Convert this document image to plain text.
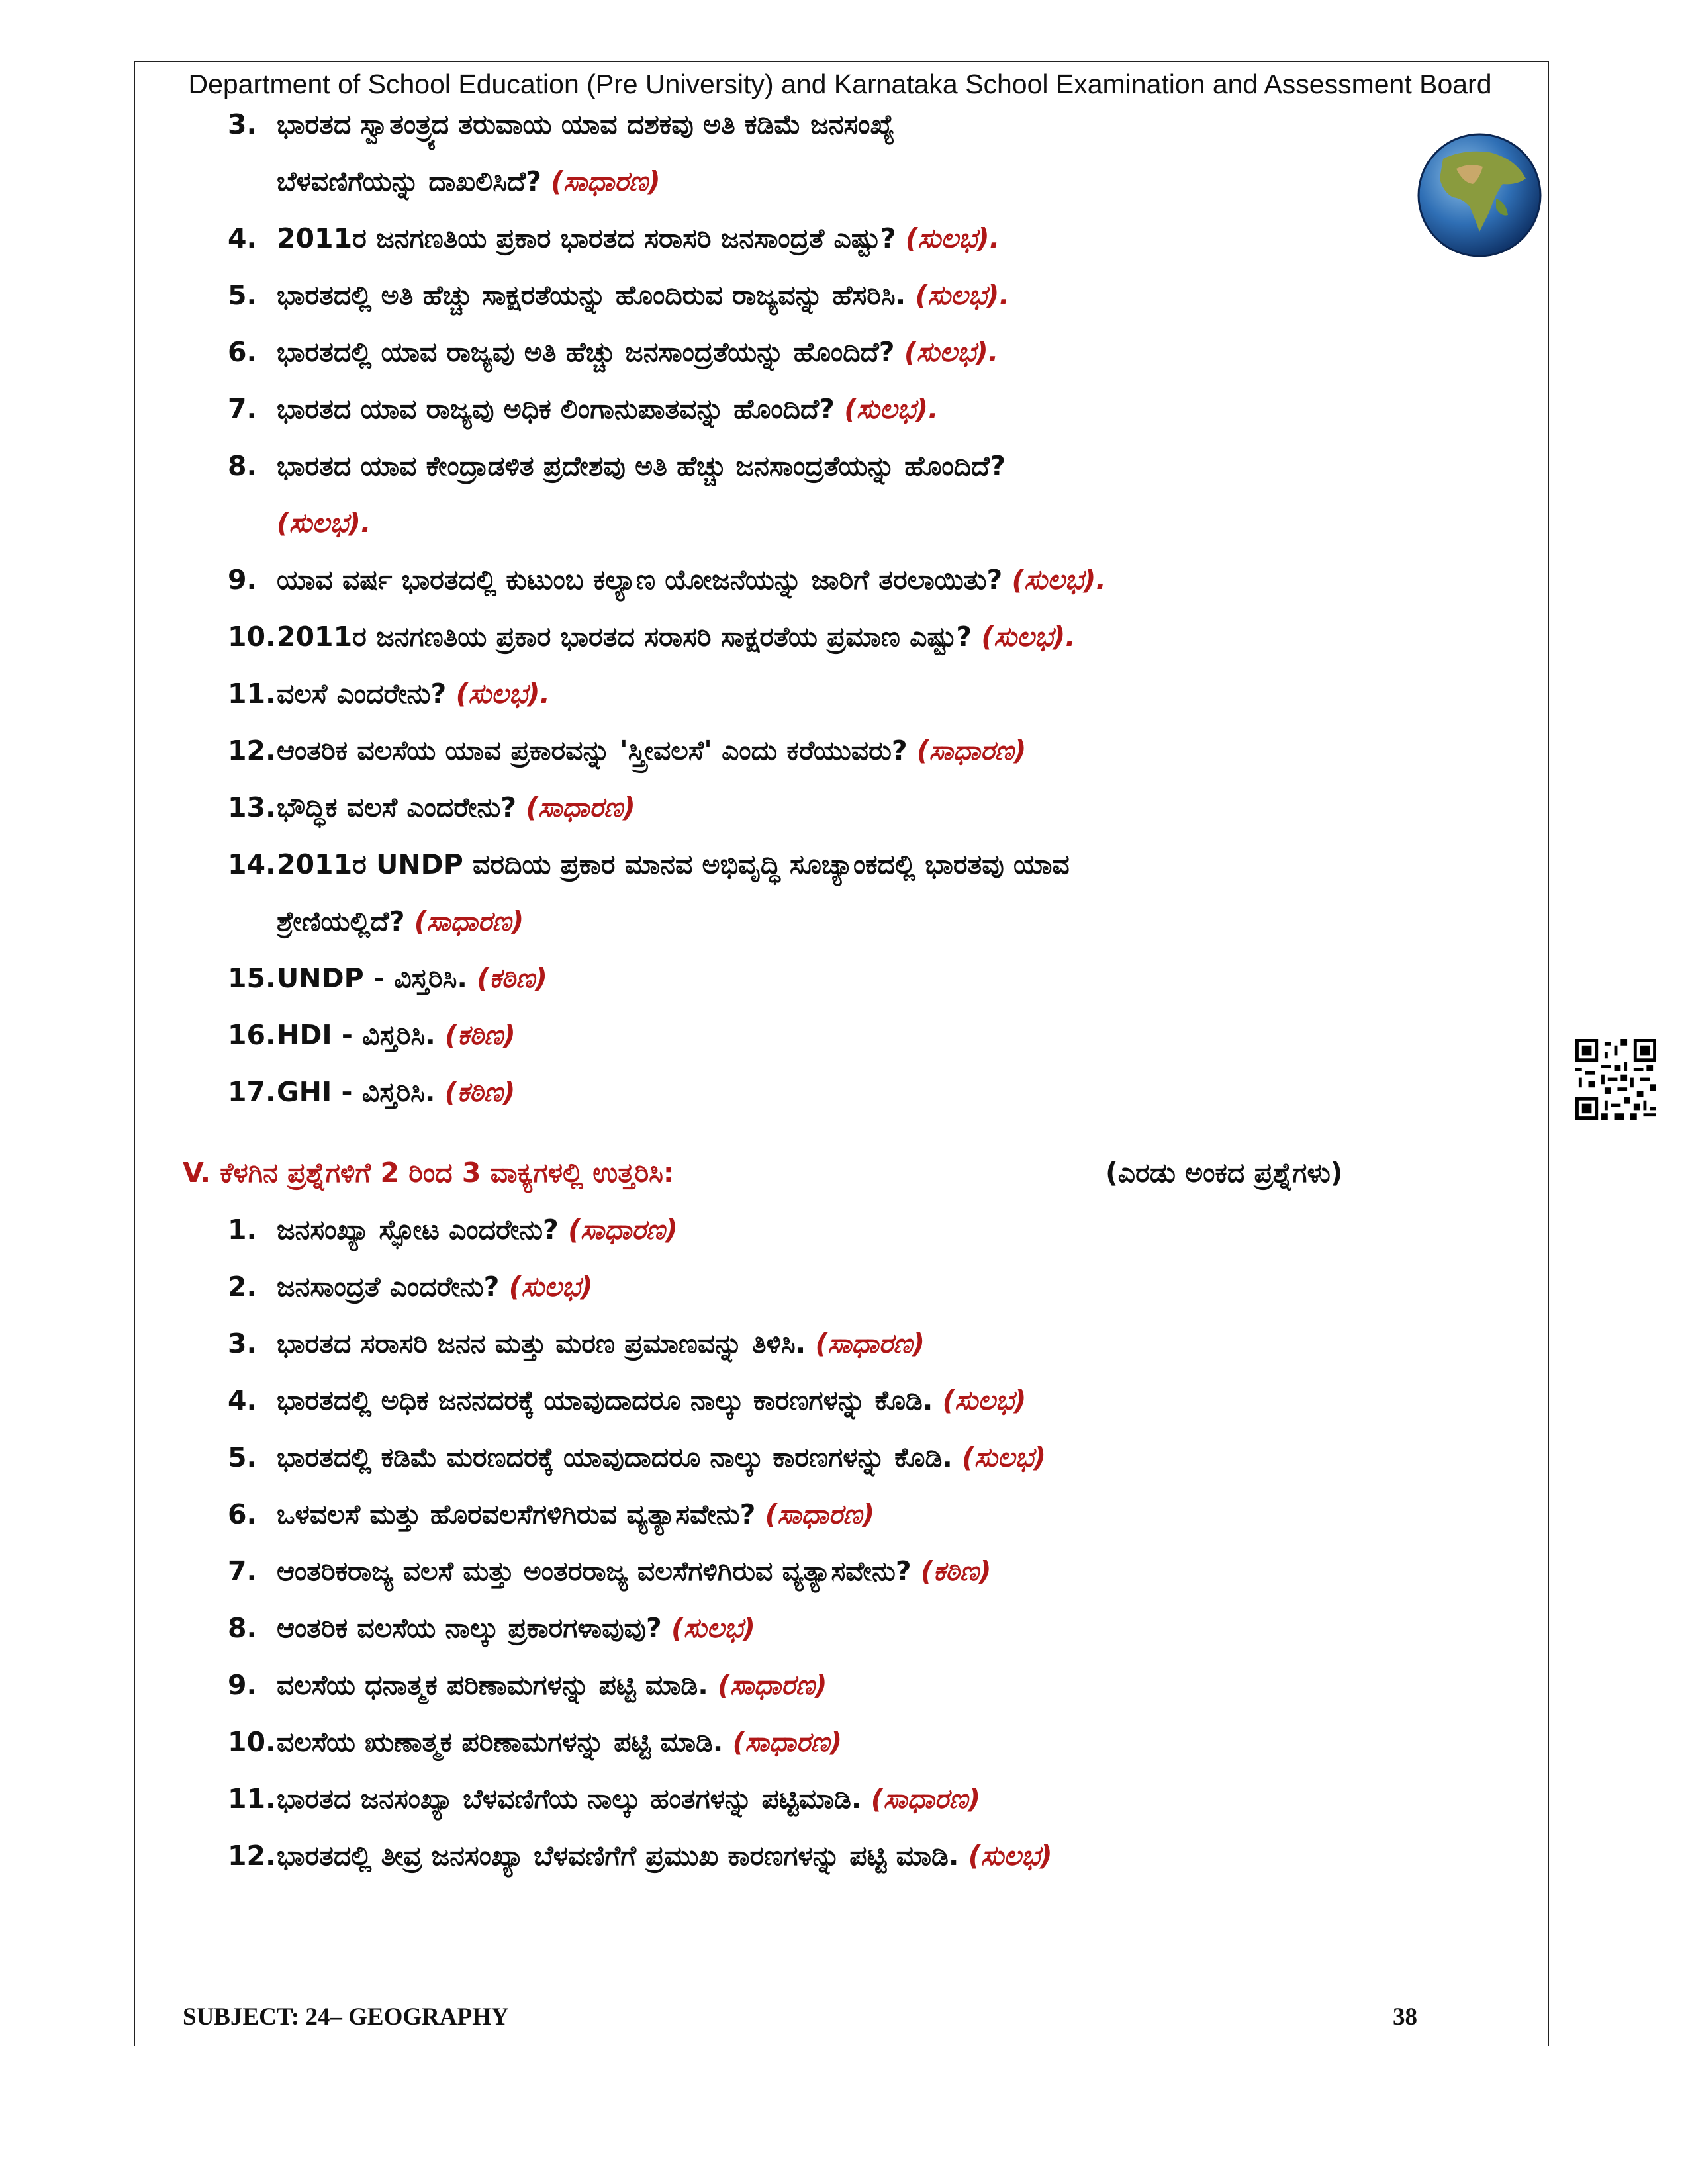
Department of School Education (Pre University) and Karnataka School Examination and Assessment Board
3. ಭಾರತದ ಸ್ವಾತಂತ್ರ್ಯದ ತರುವಾಯ ಯಾವ ದಶಕವು ಅತಿ ಕಡಿಮೆ ಜನಸಂಖ್ಯೆ
ಬೆಳವಣಿಗೆಯನ್ನು ದಾಖಲಿಸಿದೆ? (ಸಾಧಾರಣ)
4. 2011ರ ಜನಗಣತಿಯ ಪ್ರಕಾರ ಭಾರತದ ಸರಾಸರಿ ಜನಸಾಂದ್ರತೆ ಎಷ್ಟು? (ಸುಲಭ).
5. ಭಾರತದಲ್ಲಿ ಅತಿ ಹೆಚ್ಚು ಸಾಕ್ಷರತೆಯನ್ನು ಹೊಂದಿರುವ ರಾಜ್ಯವನ್ನು ಹೆಸರಿಸಿ. (ಸುಲಭ).
6. ಭಾರತದಲ್ಲಿ ಯಾವ ರಾಜ್ಯವು ಅತಿ ಹೆಚ್ಚು ಜನಸಾಂದ್ರತೆಯನ್ನು ಹೊಂದಿದೆ? (ಸುಲಭ).
7. ಭಾರತದ ಯಾವ ರಾಜ್ಯವು ಅಧಿಕ ಲಿಂಗಾನುಪಾತವನ್ನು ಹೊಂದಿದೆ? (ಸುಲಭ).
8. ಭಾರತದ ಯಾವ ಕೇಂದ್ರಾಡಳಿತ ಪ್ರದೇಶವು ಅತಿ ಹೆಚ್ಚು ಜನಸಾಂದ್ರತೆಯನ್ನು ಹೊಂದಿದೆ?
(ಸುಲಭ).
9. ಯಾವ ವರ್ಷ ಭಾರತದಲ್ಲಿ ಕುಟುಂಬ ಕಲ್ಯಾಣ ಯೋಜನೆಯನ್ನು ಜಾರಿಗೆ ತರಲಾಯಿತು? (ಸುಲಭ).
10. 2011ರ ಜನಗಣತಿಯ ಪ್ರಕಾರ ಭಾರತದ ಸರಾಸರಿ ಸಾಕ್ಷರತೆಯ ಪ್ರಮಾಣ ಎಷ್ಟು? (ಸುಲಭ).
11. ವಲಸೆ ಎಂದರೇನು? (ಸುಲಭ).
12. ಆಂತರಿಕ ವಲಸೆಯ ಯಾವ ಪ್ರಕಾರವನ್ನು 'ಸ್ತ್ರೀವಲಸೆ' ಎಂದು ಕರೆಯುವರು? (ಸಾಧಾರಣ)
13. ಭೌದ್ಧಿಕ ವಲಸೆ ಎಂದರೇನು? (ಸಾಧಾರಣ)
14. 2011ರ UNDP ವರದಿಯ ಪ್ರಕಾರ ಮಾನವ ಅಭಿವೃದ್ಧಿ ಸೂಚ್ಯಾಂಕದಲ್ಲಿ ಭಾರತವು ಯಾವ
ಶ್ರೇಣಿಯಲ್ಲಿದೆ? (ಸಾಧಾರಣ)
15. UNDP - ವಿಸ್ತರಿಸಿ. (ಕಠಿಣ)
16. HDI - ವಿಸ್ತರಿಸಿ. (ಕಠಿಣ)
17. GHI - ವಿಸ್ತರಿಸಿ. (ಕಠಿಣ)
V. ಕೆಳಗಿನ ಪ್ರಶ್ನೆಗಳಿಗೆ 2 ರಿಂದ 3 ವಾಕ್ಯಗಳಲ್ಲಿ ಉತ್ತರಿಸಿ:	(ಎರಡು ಅಂಕದ ಪ್ರಶ್ನೆಗಳು)
1. ಜನಸಂಖ್ಯಾ ಸ್ಫೋಟ ಎಂದರೇನು? (ಸಾಧಾರಣ)
2. ಜನಸಾಂದ್ರತೆ ಎಂದರೇನು? (ಸುಲಭ)
3. ಭಾರತದ ಸರಾಸರಿ ಜನನ ಮತ್ತು ಮರಣ ಪ್ರಮಾಣವನ್ನು ತಿಳಿಸಿ. (ಸಾಧಾರಣ)
4. ಭಾರತದಲ್ಲಿ ಅಧಿಕ ಜನನದರಕ್ಕೆ ಯಾವುದಾದರೂ ನಾಲ್ಕು ಕಾರಣಗಳನ್ನು ಕೊಡಿ. (ಸುಲಭ)
5. ಭಾರತದಲ್ಲಿ ಕಡಿಮೆ ಮರಣದರಕ್ಕೆ ಯಾವುದಾದರೂ ನಾಲ್ಕು ಕಾರಣಗಳನ್ನು ಕೊಡಿ. (ಸುಲಭ)
6. ಒಳವಲಸೆ ಮತ್ತು ಹೊರವಲಸೆಗಳಿಗಿರುವ ವ್ಯತ್ಯಾಸವೇನು? (ಸಾಧಾರಣ)
7. ಆಂತರಿಕರಾಜ್ಯ ವಲಸೆ ಮತ್ತು ಅಂತರರಾಜ್ಯ ವಲಸೆಗಳಿಗಿರುವ ವ್ಯತ್ಯಾಸವೇನು? (ಕಠಿಣ)
8. ಆಂತರಿಕ ವಲಸೆಯ ನಾಲ್ಕು ಪ್ರಕಾರಗಳಾವುವು? (ಸುಲಭ)
9. ವಲಸೆಯ ಧನಾತ್ಮಕ ಪರಿಣಾಮಗಳನ್ನು ಪಟ್ಟಿ ಮಾಡಿ. (ಸಾಧಾರಣ)
10. ವಲಸೆಯ ಋಣಾತ್ಮಕ ಪರಿಣಾಮಗಳನ್ನು ಪಟ್ಟಿ ಮಾಡಿ. (ಸಾಧಾರಣ)
11. ಭಾರತದ ಜನಸಂಖ್ಯಾ ಬೆಳವಣಿಗೆಯ ನಾಲ್ಕು ಹಂತಗಳನ್ನು ಪಟ್ಟಿಮಾಡಿ. (ಸಾಧಾರಣ)
12. ಭಾರತದಲ್ಲಿ ತೀವ್ರ ಜನಸಂಖ್ಯಾ ಬೆಳವಣಿಗೆಗೆ ಪ್ರಮುಖ ಕಾರಣಗಳನ್ನು ಪಟ್ಟಿ ಮಾಡಿ. (ಸುಲಭ)
SUBJECT: 24– GEOGRAPHY	38
